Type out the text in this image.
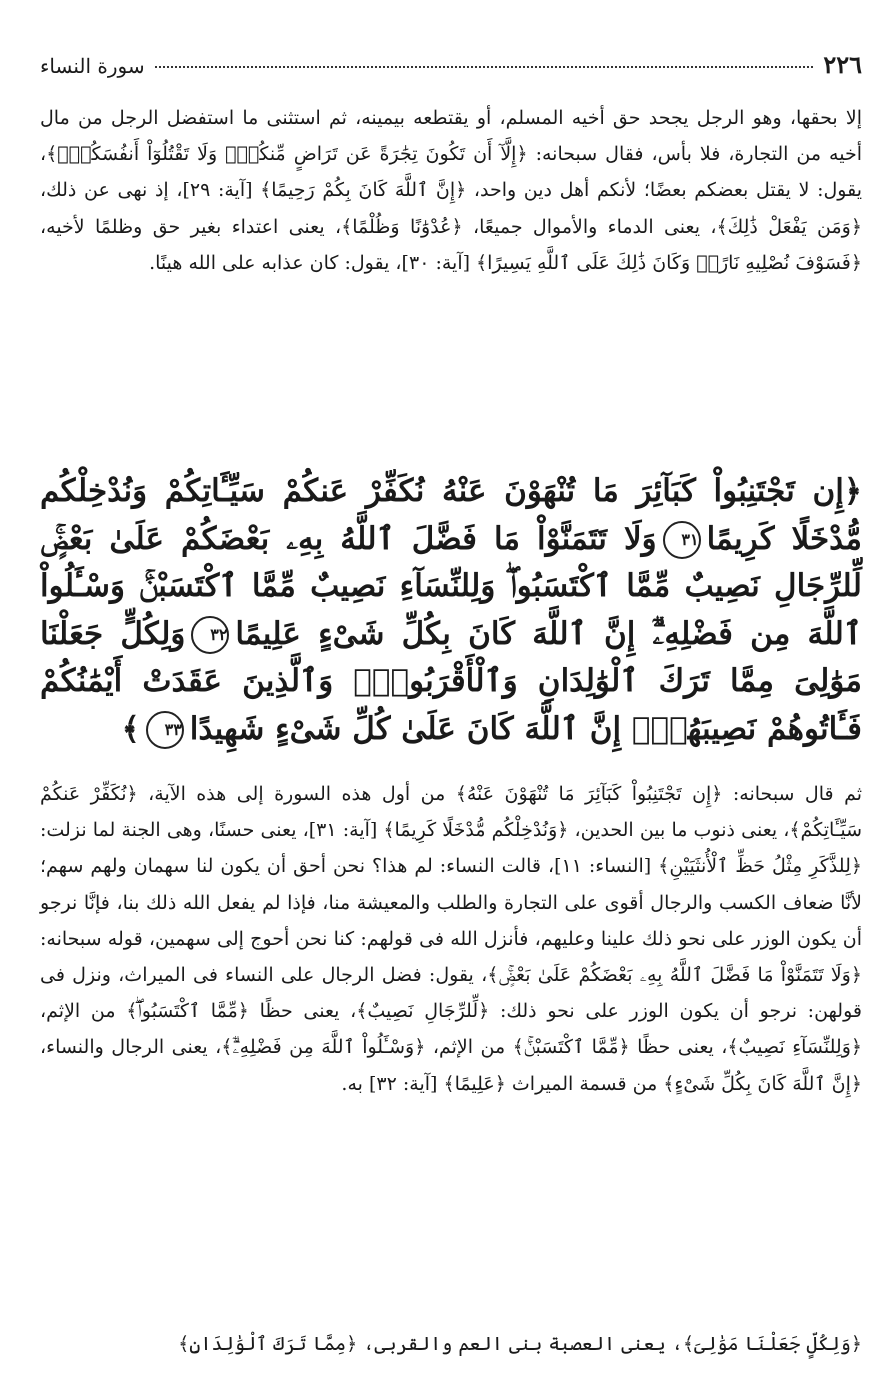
سورة النساء	٢٢٦

إلا بحقها، وهو الرجل يجحد حق أخيه المسلم، أو يقتطعه بيمينه، ثم استثنى ما استفضل الرجل من مال أخيه من التجارة، فلا بأس، فقال سبحانه: ﴿إِلَّآ أَن تَكُونَ تِجَٰرَةً عَن تَرَاضٍ مِّنكُمْۚ وَلَا تَقْتُلُوٓاْ أَنفُسَكُمْۚ﴾، يقول: لا يقتل بعضكم بعضًا؛ لأنكم أهل دين واحد، ﴿إِنَّ ٱللَّهَ كَانَ بِكُمْ رَحِيمًا﴾ [آية: ٢٩]، إذ نهى عن ذلك، ﴿وَمَن يَفْعَلْ ذَٰلِكَ﴾، يعنى الدماء والأموال جميعًا، ﴿عُدْوَٰنًا وَظُلْمًا﴾، يعنى اعتداء بغير حق وظلمًا لأخيه، ﴿فَسَوْفَ نُصْلِيهِ نَارًاۚ وَكَانَ ذَٰلِكَ عَلَى ٱللَّهِ يَسِيرًا﴾ [آية: ٣٠]، يقول: كان عذابه على الله هينًا.

﴿إِن تَجْتَنِبُواْ كَبَآئِرَ مَا تُنْهَوْنَ عَنْهُ نُكَفِّرْ عَنكُمْ سَيِّـَٔاتِكُمْ وَنُدْخِلْكُم مُّدْخَلًا كَرِيمًا٣١وَلَا تَتَمَنَّوْاْ مَا فَضَّلَ ٱللَّهُ بِهِۦ بَعْضَكُمْ عَلَىٰ بَعْضٍۚ لِّلرِّجَالِ نَصِيبٌ مِّمَّا ٱكْتَسَبُواْۖ وَلِلنِّسَآءِ نَصِيبٌ مِّمَّا ٱكْتَسَبْنَۚ وَسْـَٔلُواْ ٱللَّهَ مِن فَضْلِهِۦٓۗ إِنَّ ٱللَّهَ كَانَ بِكُلِّ شَىْءٍ عَلِيمًا٣٢وَلِكُلٍّ جَعَلْنَا مَوَٰلِىَ مِمَّا تَرَكَ ٱلْوَٰلِدَانِ وَٱلْأَقْرَبُونَۚ وَٱلَّذِينَ عَقَدَتْ أَيْمَٰنُكُمْ فَـَٔاتُوهُمْ نَصِيبَهُمْۚ إِنَّ ٱللَّهَ كَانَ عَلَىٰ كُلِّ شَىْءٍ شَهِيدًا٣٣﴾

ثم قال سبحانه: ﴿إِن تَجْتَنِبُواْ كَبَآئِرَ مَا تُنْهَوْنَ عَنْهُ﴾ من أول هذه السورة إلى هذه الآية، ﴿نُكَفِّرْ عَنكُمْ سَيِّـَٔاتِكُمْ﴾، يعنى ذنوب ما بين الحدين، ﴿وَنُدْخِلْكُم مُّدْخَلًا كَرِيمًا﴾ [آية: ٣١]، يعنى حسنًا، وهى الجنة لما نزلت: ﴿لِلذَّكَرِ مِثْلُ حَظِّ ٱلْأُنثَيَيْنِ﴾ [النساء: ١١]، قالت النساء: لم هذا؟ نحن أحق أن يكون لنا سهمان ولهم سهم؛ لأنَّا ضعاف الكسب والرجال أقوى على التجارة والطلب والمعيشة منا، فإذا لم يفعل الله ذلك بنا، فإنَّا نرجو أن يكون الوزر على نحو ذلك علينا وعليهم، فأنزل الله فى قولهم: كنا نحن أحوج إلى سهمين، قوله سبحانه: ﴿وَلَا تَتَمَنَّوْاْ مَا فَضَّلَ ٱللَّهُ بِهِۦ بَعْضَكُمْ عَلَىٰ بَعْضٍۚ﴾، يقول: فضل الرجال على النساء فى الميراث، ونزل فى قولهن: نرجو أن يكون الوزر على نحو ذلك: ﴿لِّلرِّجَالِ نَصِيبٌ﴾، يعنى حظًا ﴿مِّمَّا ٱكْتَسَبُواْۖ﴾ من الإثم، ﴿وَلِلنِّسَآءِ نَصِيبٌ﴾، يعنى حظًا ﴿مِّمَّا ٱكْتَسَبْنَۚ﴾ من الإثم، ﴿وَسْـَٔلُواْ ٱللَّهَ مِن فَضْلِهِۦٓۗ﴾، يعنى الرجال والنساء، ﴿إِنَّ ٱللَّهَ كَانَ بِكُلِّ شَىْءٍ﴾ من قسمة الميراث ﴿عَلِيمًا﴾ [آية: ٣٢] به.

﴿وَلِكُلٍّ جَعَلْنَا مَوَٰلِىَ﴾، يعنى العصبة بنى العم والقربى، ﴿مِمَّا تَرَكَ ٱلْوَٰلِدَانِ﴾
